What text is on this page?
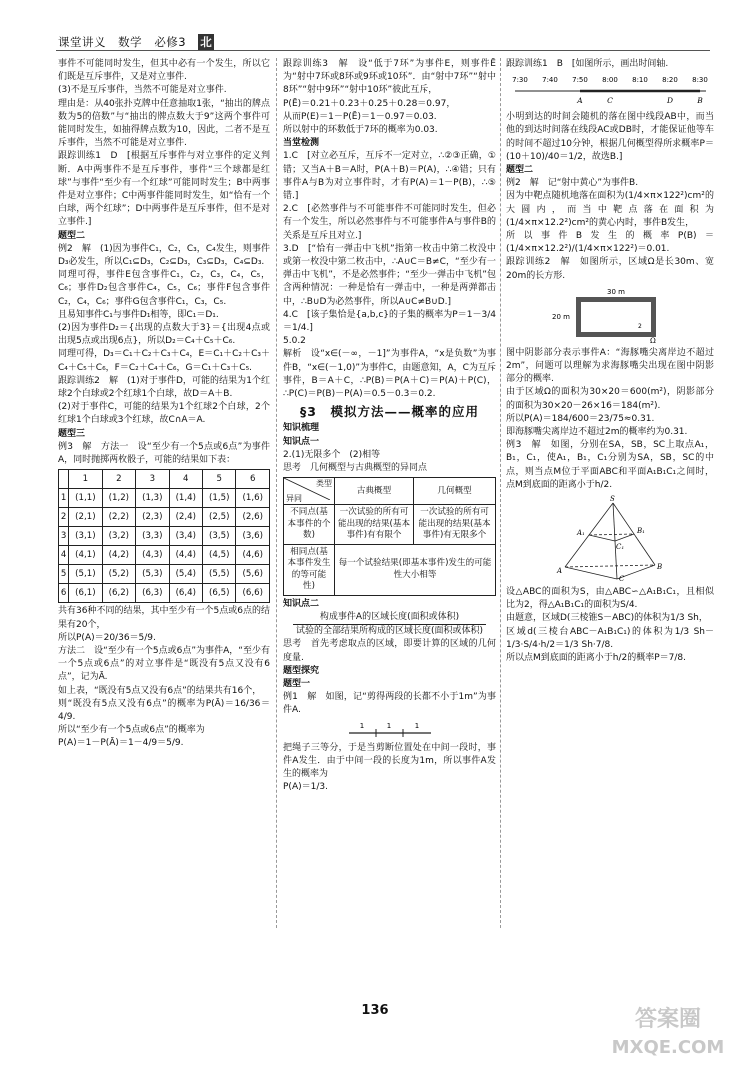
课堂讲义 数学 必修3 北

事件不可能同时发生，但其中必有一个发生，所以它们既是互斥事件，又是对立事件.

(3)不是互斥事件，当然不可能是对立事件.

理由是：从40张扑克牌中任意抽取1张，“抽出的牌点数为5的倍数”与“抽出的牌点数大于9”这两个事件可能同时发生，如抽得牌点数为10，因此，二者不是互斥事件，当然不可能是对立事件.

跟踪训练1　D　[根据互斥事件与对立事件的定义判断．A中两事件不是互斥事件，事件“三个球都是红球”与事件“至少有一个红球”可能同时发生；B中两事件是对立事件；C中两事件能同时发生，如“恰有一个白球，两个红球”；D中两事件是互斥事件，但不是对立事件.]

题型二

例2　解　(1)因为事件C₁，C₂，C₃，C₄发生，则事件D₃必发生，所以C₁⊆D₃，C₂⊆D₃，C₃⊆D₃，C₄⊆D₃.

同理可得，事件E包含事件C₁，C₂，C₃，C₄，C₅，C₆；事件D₂包含事件C₄，C₅，C₆；事件F包含事件C₂，C₄，C₆；事件G包含事件C₁，C₃，C₅.

且易知事件C₁与事件D₁相等，即C₁＝D₁.

(2)因为事件D₂＝{出现的点数大于3}＝{出现4点或出现5点或出现6点}，所以D₂＝C₄＋C₅＋C₆.

同理可得，D₃＝C₁＋C₂＋C₃＋C₄，E＝C₁＋C₂＋C₃＋C₄＋C₅＋C₆，F＝C₂＋C₄＋C₆，G＝C₁＋C₃＋C₅.

跟踪训练2　解　(1)对于事件D，可能的结果为1个红球2个白球或2个红球1个白球，故D＝A＋B.

(2)对于事件C，可能的结果为1个红球2个白球，2个红球1个白球或3个红球，故C∩A＝A.

题型三

例3　解　方法一　设“至少有一个5点或6点”为事件A，同时抛掷两枚骰子，可能的结果如下表：

	1	2	3	4	5	6
1	(1,1)	(1,2)	(1,3)	(1,4)	(1,5)	(1,6)
2	(2,1)	(2,2)	(2,3)	(2,4)	(2,5)	(2,6)
3	(3,1)	(3,2)	(3,3)	(3,4)	(3,5)	(3,6)
4	(4,1)	(4,2)	(4,3)	(4,4)	(4,5)	(4,6)
5	(5,1)	(5,2)	(5,3)	(5,4)	(5,5)	(5,6)
6	(6,1)	(6,2)	(6,3)	(6,4)	(6,5)	(6,6)

共有36种不同的结果，其中至少有一个5点或6点的结果有20个，

所以P(A)＝20/36＝5/9.

方法二　设“至少有一个5点或6点”为事件A，“至少有一个5点或6点”的对立事件是“既没有5点又没有6点”，记为Ā.

如上表，“既没有5点又没有6点”的结果共有16个，

则“既没有5点又没有6点”的概率为P(Ā)＝16/36＝4/9.

所以“至少有一个5点或6点”的概率为

P(A)＝1－P(Ā)＝1－4/9＝5/9.

跟踪训练3　解　设“低于7环”为事件E，则事件Ē为“射中7环或8环或9环或10环”．由“射中7环”“射中8环”“射中9环”“射中10环”彼此互斥，

P(Ē)＝0.21＋0.23＋0.25＋0.28＝0.97，

从而P(E)＝1－P(Ē)＝1－0.97＝0.03.

所以射中的环数低于7环的概率为0.03.

当堂检测

1.C　[对立必互斥，互斥不一定对立，∴②③正确，①错；又当A＋B＝A时，P(A＋B)＝P(A)，∴④错；只有事件A与B为对立事件时，才有P(A)＝1－P(B)，∴⑤错.]

2.C　[必然事件与不可能事件不可能同时发生，但必有一个发生，所以必然事件与不可能事件A与事件B的关系是互斥且对立.]

3.D　[“恰有一弹击中飞机”指第一枚击中第二枚没中或第一枚没中第二枚击中，∴A∪C＝B≠C，“至少有一弹击中飞机”，不是必然事件；“至少一弹击中飞机”包含两种情况：一种是恰有一弹击中，一种是两弹都击中，∴B∪D为必然事件，所以A∪C≠B∪D.]

4.C　[该子集恰是{a,b,c}的子集的概率为P＝1－3/4＝1/4.]

5.0.2

解析　设“x∈(－∞，－1]”为事件A，“x是负数”为事件B，“x∈(－1,0)”为事件C，由题意知，A，C为互斥事件，B＝A＋C，∴P(B)＝P(A＋C)＝P(A)＋P(C)，∴P(C)＝P(B)－P(A)＝0.5－0.3＝0.2.

§3　模拟方法——概率的应用

知识梳理

知识点一

2.(1)无限多个　(2)相等

思考　几何概型与古典概型的异同点

类型
异同	古典概型	几何概型
不同点(基本事件的个数)	一次试验的所有可能出现的结果(基本事件)有有限个	一次试验的所有可能出现的结果(基本事件)有无限多个
相同点(基本事件发生的等可能性)	每一个试验结果(即基本事件)发生的可能性大小相等	

知识点二

构成事件A的区域长度(面积或体积)

试验的全部结果所构成的区域长度(面积或体积)

思考　首先考虑取点的区域，即要计算的区域的几何度量.

题型探究

题型一

例1　解　如图，记“剪得两段的长都不小于1m”为事件A.

1	1	1

把绳子三等分，于是当剪断位置处在中间一段时，事件A发生．由于中间一段的长度为1m，所以事件A发生的概率为

P(A)＝1/3.

跟踪训练1　B　[如图所示，画出时间轴.

7:30 7:40 7:50 8:00 8:10 8:20 8:30
A	C	D	B

小明到达的时间会随机的落在图中线段AB中，而当他的到达时间落在线段AC或DB时，才能保证他等车的时间不超过10分钟，根据几何概型得所求概率P＝(10＋10)/40＝1/2，故选B.]

题型二

例2　解　记“射中黄心”为事件B.

因为中靶点随机地落在面积为(1/4×π×122²)cm²的大圆内，而当中靶点落在面积为(1/4×π×12.2²)cm²的黄心内时，事件B发生，

所以事件B发生的概率P(B)＝(1/4×π×12.2²)/(1/4×π×122²)＝0.01.

跟踪训练2　解　如图所示，区域Ω是长30m、宽20m的长方形.

30 m
20 m
2
Ω

图中阴影部分表示事件A：“海豚嘴尖离岸边不超过2m”，问题可以理解为求海豚嘴尖出现在图中阴影部分的概率.

由于区域Ω的面积为30×20＝600(m²)，阴影部分的面积为30×20－26×16＝184(m²).

所以P(A)＝184/600＝23/75≈0.31.

即海豚嘴尖离岸边不超过2m的概率约为0.31.

例3　解　如图，分别在SA，SB，SC上取点A₁，B₁，C₁，使A₁，B₁，C₁分别为SA，SB，SC的中点，则当点M位于平面ABC和平面A₁B₁C₁之间时，点M到底面的距离小于h/2.

S
A₁	B₁
C₁
A	B
C

设△ABC的面积为S，由△ABC∽△A₁B₁C₁，且相似比为2，得△A₁B₁C₁的面积为S/4.

由题意，区域D(三棱锥S－ABC)的体积为1/3 Sh，

区域d(三棱台ABC－A₁B₁C₁)的体积为1/3 Sh－1/3·S/4·h/2＝1/3 Sh·7/8.

所以点M到底面的距离小于h/2的概率P＝7/8.

136	答案圈
MXQE.COM
